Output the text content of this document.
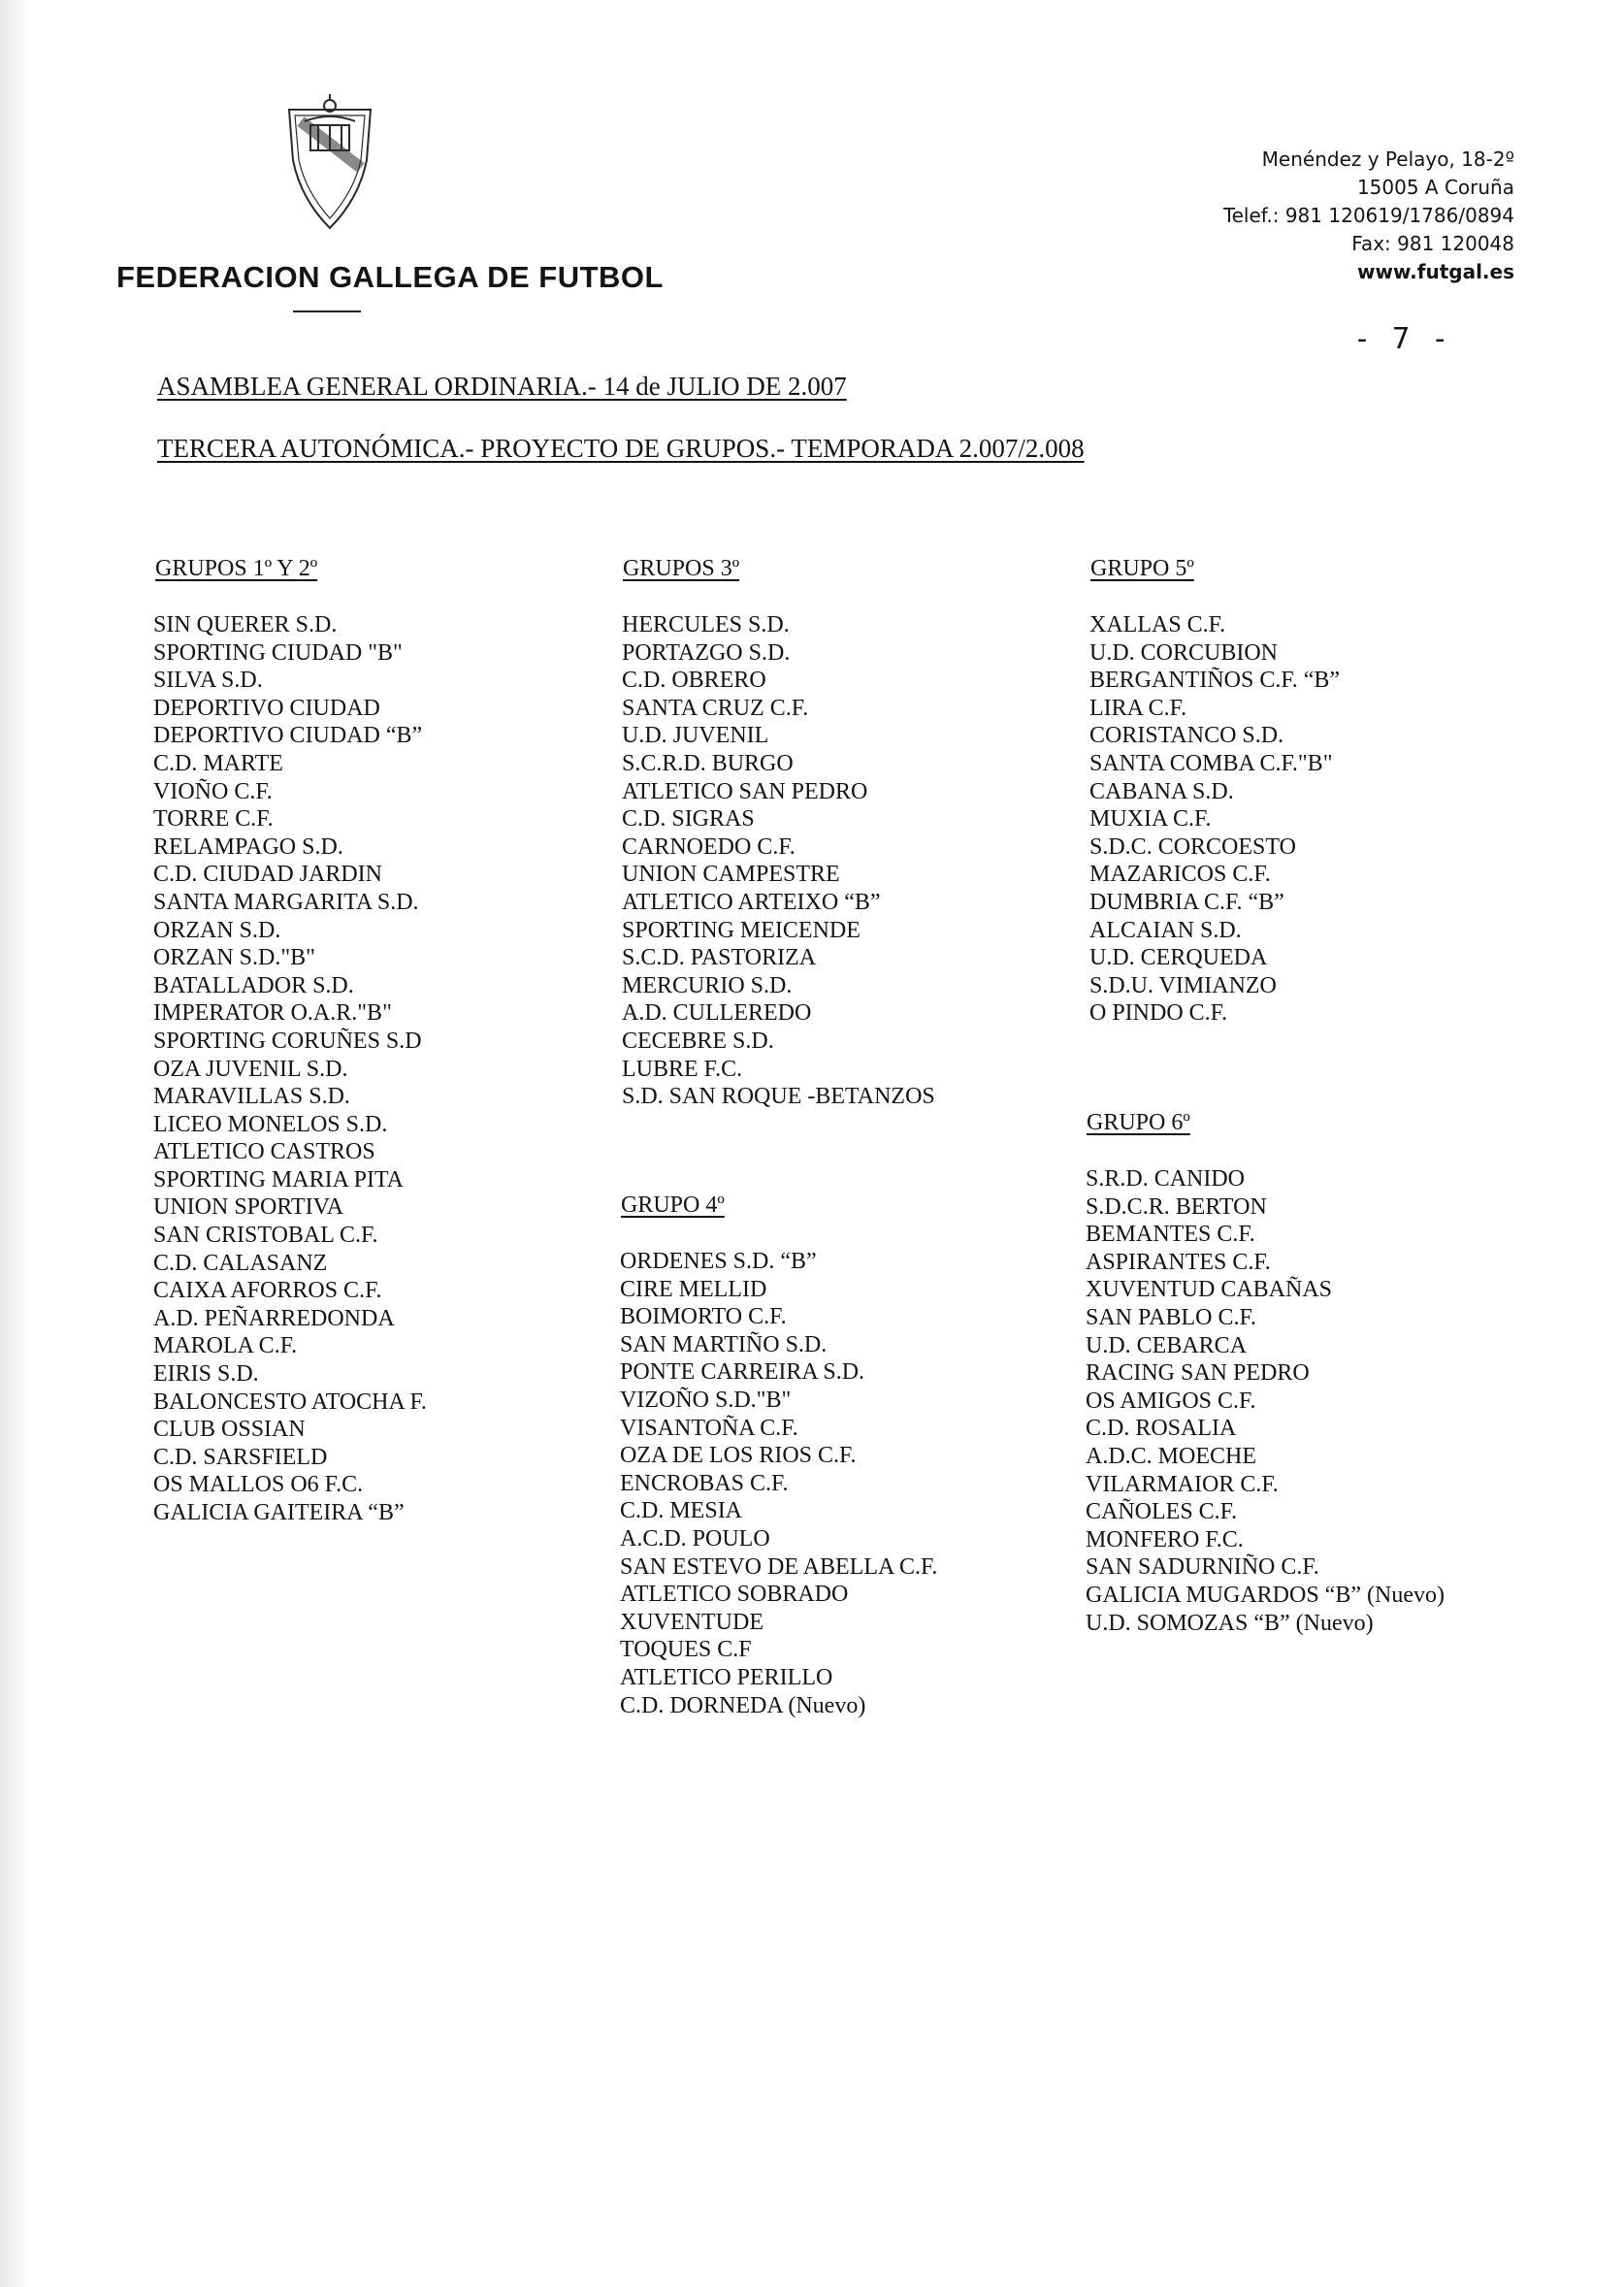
FEDERACION GALLEGA DE FUTBOL
Menéndez y Pelayo, 18-2º
15005 A Coruña
Telef.: 981 120619/1786/0894
Fax: 981 120048
www.futgal.es
- 7 -
ASAMBLEA GENERAL ORDINARIA.- 14 de JULIO DE 2.007
TERCERA AUTONÓMICA.- PROYECTO DE GRUPOS.- TEMPORADA 2.007/2.008
GRUPOS 1º Y 2º
SIN QUERER S.D.
SPORTING CIUDAD "B"
SILVA S.D.
DEPORTIVO CIUDAD
DEPORTIVO CIUDAD “B”
C.D. MARTE
VIOÑO C.F.
TORRE C.F.
RELAMPAGO S.D.
C.D. CIUDAD JARDIN
SANTA MARGARITA S.D.
ORZAN S.D.
ORZAN S.D."B"
BATALLADOR S.D.
IMPERATOR O.A.R."B"
SPORTING CORUÑES S.D
OZA JUVENIL S.D.
MARAVILLAS S.D.
LICEO MONELOS S.D.
ATLETICO CASTROS
SPORTING MARIA PITA
UNION SPORTIVA
SAN CRISTOBAL C.F.
C.D. CALASANZ
CAIXA AFORROS C.F.
A.D. PEÑARREDONDA
MAROLA C.F.
EIRIS S.D.
BALONCESTO ATOCHA F.
CLUB OSSIAN
C.D. SARSFIELD
OS MALLOS O6 F.C.
GALICIA GAITEIRA “B”
GRUPOS 3º
HERCULES S.D.
PORTAZGO S.D.
C.D. OBRERO
SANTA CRUZ C.F.
U.D. JUVENIL
S.C.R.D. BURGO
ATLETICO SAN PEDRO
C.D. SIGRAS
CARNOEDO C.F.
UNION CAMPESTRE
ATLETICO ARTEIXO “B”
SPORTING MEICENDE
S.C.D. PASTORIZA
MERCURIO S.D.
A.D. CULLEREDO
CECEBRE S.D.
LUBRE F.C.
S.D. SAN ROQUE -BETANZOS
GRUPO 4º
ORDENES S.D. “B”
CIRE MELLID
BOIMORTO C.F.
SAN MARTIÑO S.D.
PONTE CARREIRA S.D.
VIZOÑO S.D."B"
VISANTOÑA C.F.
OZA DE LOS RIOS C.F.
ENCROBAS C.F.
C.D. MESIA
A.C.D. POULO
SAN ESTEVO DE ABELLA C.F.
ATLETICO SOBRADO
XUVENTUDE
TOQUES C.F
ATLETICO PERILLO
C.D. DORNEDA (Nuevo)
GRUPO 5º
XALLAS C.F.
U.D. CORCUBION
BERGANTIÑOS C.F. “B”
LIRA C.F.
CORISTANCO S.D.
SANTA COMBA C.F."B"
CABANA S.D.
MUXIA C.F.
S.D.C. CORCOESTO
MAZARICOS C.F.
DUMBRIA C.F. “B”
ALCAIAN S.D.
U.D. CERQUEDA
S.D.U. VIMIANZO
O PINDO C.F.
GRUPO 6º
S.R.D. CANIDO
S.D.C.R. BERTON
BEMANTES C.F.
ASPIRANTES C.F.
XUVENTUD CABAÑAS
SAN PABLO C.F.
U.D. CEBARCA
RACING SAN PEDRO
OS AMIGOS C.F.
C.D. ROSALIA
A.D.C. MOECHE
VILARMAIOR C.F.
CAÑOLES C.F.
MONFERO F.C.
SAN SADURNIÑO C.F.
GALICIA MUGARDOS “B” (Nuevo)
U.D. SOMOZAS “B” (Nuevo)
